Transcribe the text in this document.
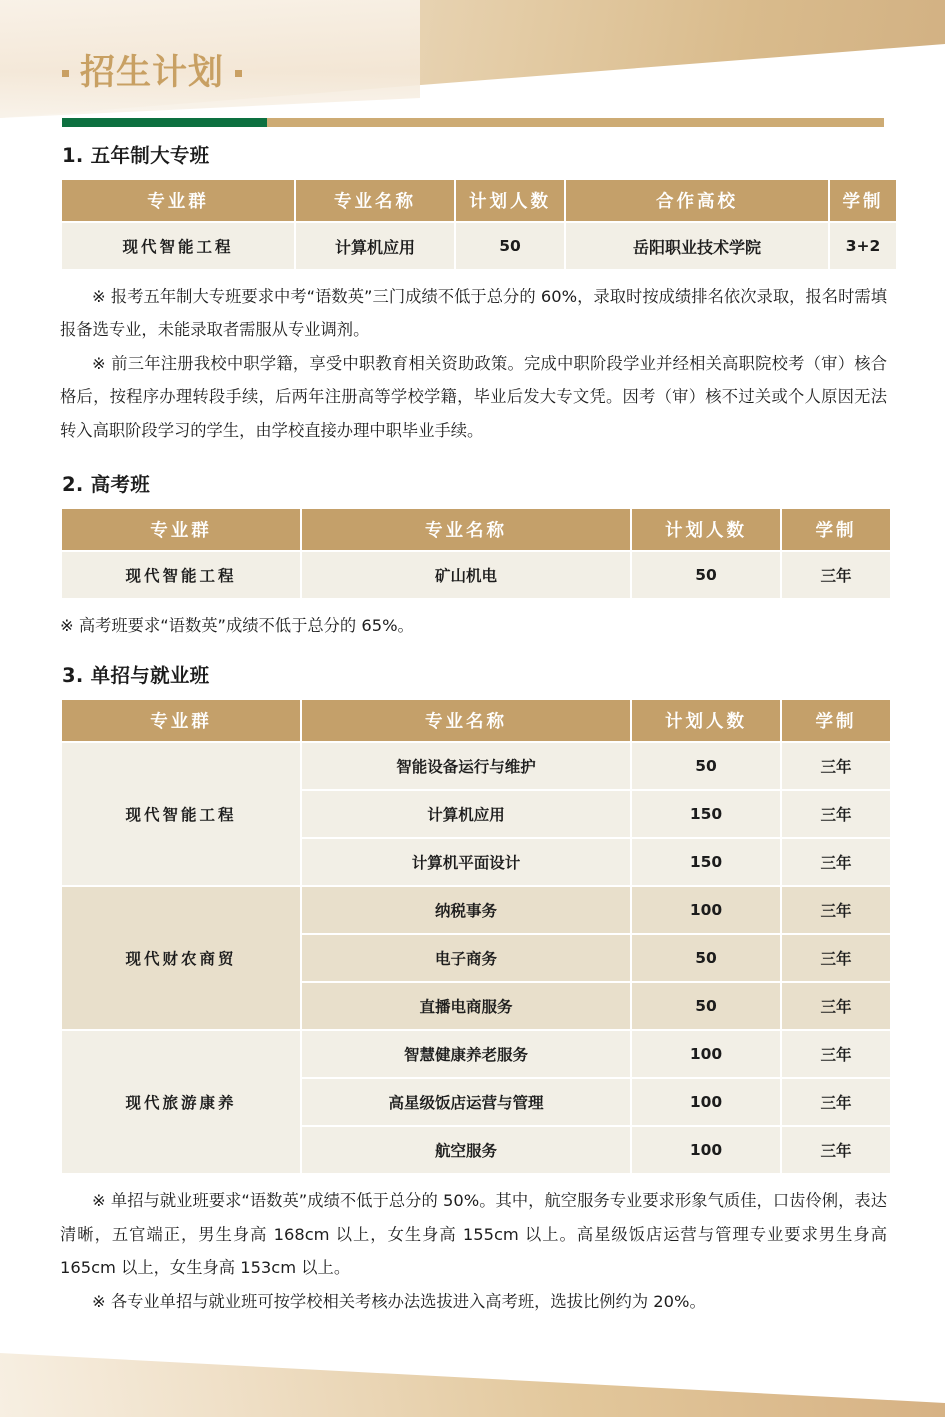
招生计划
1. 五年制大专班
专业群	专业名称	计划人数	合作高校	学制
现代智能工程	计算机应用	50	岳阳职业技术学院	3+2

※ 报考五年制大专班要求中考“语数英”三门成绩不低于总分的 60%，录取时按成绩排名依次录取，报名时需填报备选专业，未能录取者需服从专业调剂。

※ 前三年注册我校中职学籍，享受中职教育相关资助政策。完成中职阶段学业并经相关高职院校考（审）核合格后，按程序办理转段手续，后两年注册高等学校学籍，毕业后发大专文凭。因考（审）核不过关或个人原因无法转入高职阶段学习的学生，由学校直接办理中职毕业手续。

2. 高考班
专业群	专业名称	计划人数	学制
现代智能工程	矿山机电	50	三年

※ 高考班要求“语数英”成绩不低于总分的 65%。

3. 单招与就业班
专业群	专业名称	计划人数	学制
现代智能工程	智能设备运行与维护	50	三年
	计算机应用	150	三年
	计算机平面设计	150	三年
现代财农商贸	纳税事务	100	三年
	电子商务	50	三年
	直播电商服务	50	三年
现代旅游康养	智慧健康养老服务	100	三年
	高星级饭店运营与管理	100	三年
	航空服务	100	三年

※ 单招与就业班要求“语数英”成绩不低于总分的 50%。其中，航空服务专业要求形象气质佳，口齿伶俐，表达清晰，五官端正，男生身高 168cm 以上，女生身高 155cm 以上。高星级饭店运营与管理专业要求男生身高 165cm 以上，女生身高 153cm 以上。

※ 各专业单招与就业班可按学校相关考核办法选拔进入高考班，选拔比例约为 20%。
